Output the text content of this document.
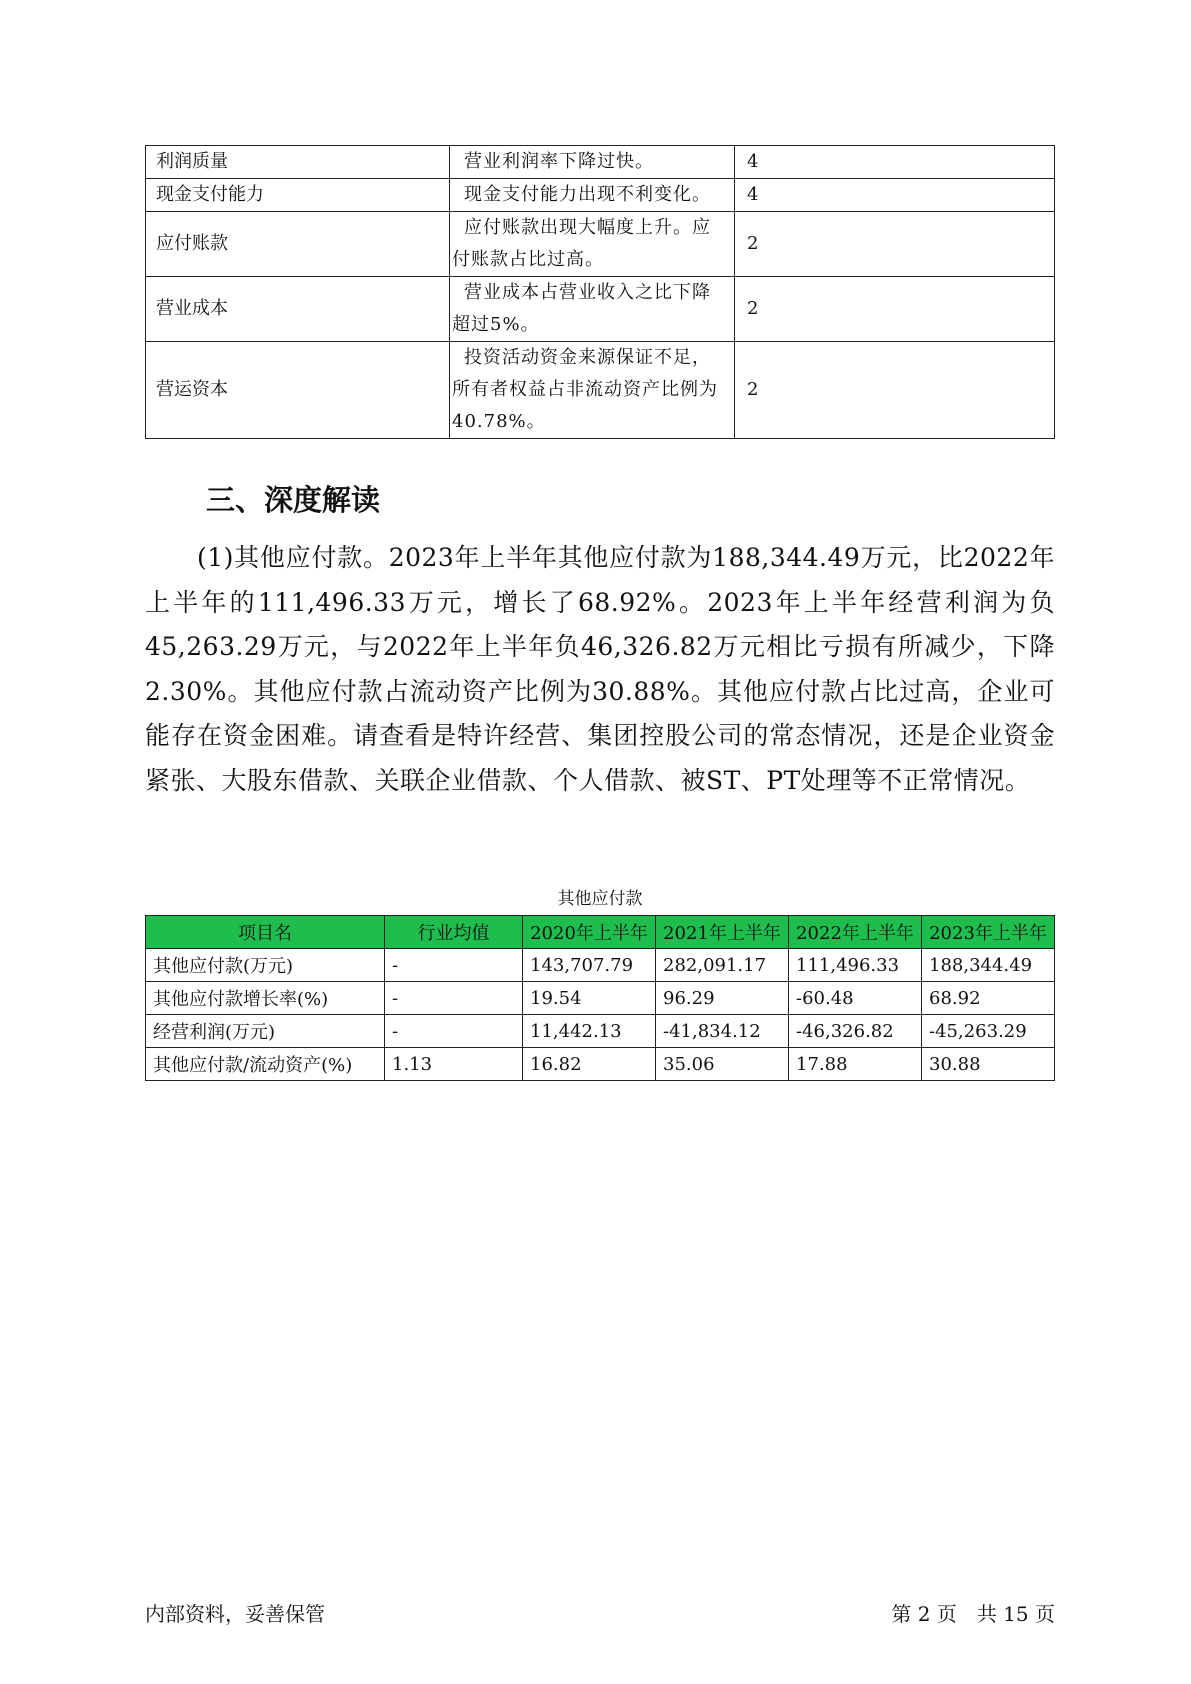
利润质量	营业利润率下降过快。	4
现金支付能力	现金支付能力出现不利变化。	4
应付账款	应付账款出现大幅度上升。应付账款占比过高。	2
营业成本	营业成本占营业收入之比下降超过5%。	2
营运资本	投资活动资金来源保证不足，所有者权益占非流动资产比例为40.78%。	2
三、深度解读

(1)其他应付款。2023年上半年其他应付款为188,344.49万元，比2022年上半年的111,496.33万元，增长了68.92%。2023年上半年经营利润为负45,263.29万元，与2022年上半年负46,326.82万元相比亏损有所减少，下降2.30%。其他应付款占流动资产比例为30.88%。其他应付款占比过高，企业可能存在资金困难。请查看是特许经营、集团控股公司的常态情况，还是企业资金紧张、大股东借款、关联企业借款、个人借款、被ST、PT处理等不正常情况。

其他应付款
项目名	行业均值	2020年上半年	2021年上半年	2022年上半年	2023年上半年
其他应付款(万元)	-	143,707.79	282,091.17	111,496.33	188,344.49
其他应付款增长率(%)	-	19.54	96.29	-60.48	68.92
经营利润(万元)	-	11,442.13	-41,834.12	-46,326.82	-45,263.29
其他应付款/流动资产(%)	1.13	16.82	35.06	17.88	30.88
内部资料，妥善保管	第 2 页　共 15 页
